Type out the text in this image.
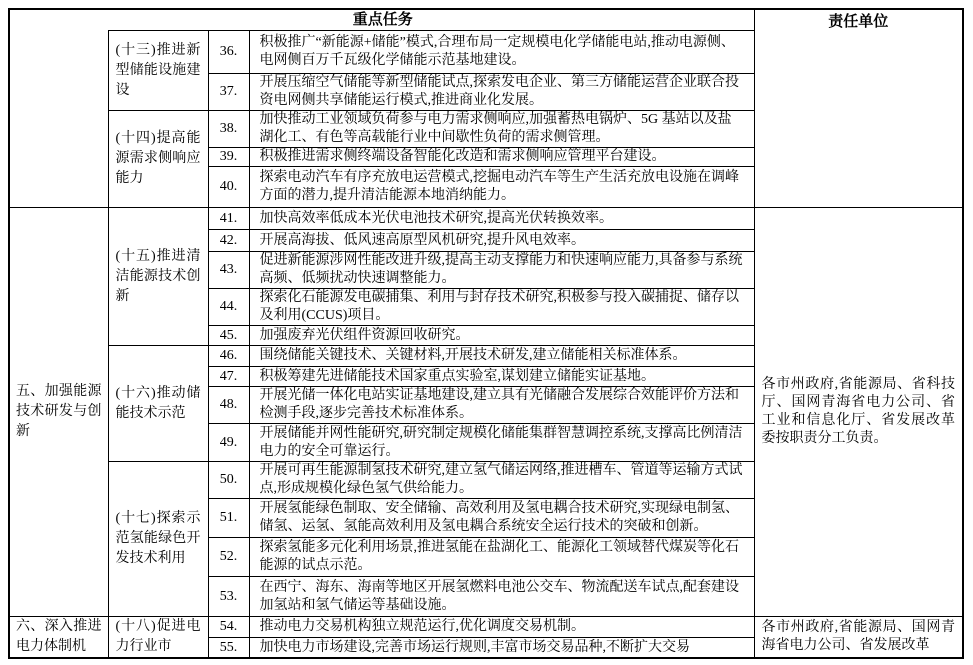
	重点任务			责任单位
	(十三)推进新型储能设施建设	36.	积极推广“新能源+储能”模式,合理布局一定规模电化学储能电站,推动电源侧、电网侧百万千瓦级化学储能示范基地建设。	
		37.	开展压缩空气储能等新型储能试点,探索发电企业、第三方储能运营企业联合投资电网侧共享储能运行模式,推进商业化发展。	
	(十四)提高能源需求侧响应能力	38.	加快推动工业领域负荷参与电力需求侧响应,加强蓄热电锅炉、5G 基站以及盐湖化工、有色等高载能行业中间歇性负荷的需求侧管理。	
		39.	积极推进需求侧终端设备智能化改造和需求侧响应管理平台建设。	
		40.	探索电动汽车有序充放电运营模式,挖掘电动汽车等生产生活充放电设施在调峰方面的潜力,提升清洁能源本地消纳能力。	
五、加强能源技术研发与创新	(十五)推进清洁能源技术创新	41.	加快高效率低成本光伏电池技术研究,提高光伏转换效率。	各市州政府,省能源局、省科技厅、国网青海省电力公司、省工业和信息化厅、省发展改革委按职责分工负责。
		42.	开展高海拔、低风速高原型风机研究,提升风电效率。	
		43.	促进新能源涉网性能改进升级,提高主动支撑能力和快速响应能力,具备参与系统高频、低频扰动快速调整能力。	
		44.	探索化石能源发电碳捕集、利用与封存技术研究,积极参与投入碳捕捉、储存以及利用(CCUS)项目。	
		45.	加强废弃光伏组件资源回收研究。	
	(十六)推动储能技术示范	46.	围绕储能关键技术、关键材料,开展技术研发,建立储能相关标准体系。	
		47.	积极筹建先进储能技术国家重点实验室,谋划建立储能实证基地。	
		48.	开展光储一体化电站实证基地建设,建立具有光储融合发展综合效能评价方法和检测手段,逐步完善技术标准体系。	
		49.	开展储能并网性能研究,研究制定规模化储能集群智慧调控系统,支撑高比例清洁电力的安全可靠运行。	
	(十七)探索示范氢能绿色开发技术利用	50.	开展可再生能源制氢技术研究,建立氢气储运网络,推进槽车、管道等运输方式试点,形成规模化绿色氢气供给能力。	
		51.	开展氢能绿色制取、安全储输、高效利用及氢电耦合技术研究,实现绿电制氢、储氢、运氢、氢能高效利用及氢电耦合系统安全运行技术的突破和创新。	
		52.	探索氢能多元化利用场景,推进氢能在盐湖化工、能源化工领域替代煤炭等化石能源的试点示范。	
		53.	在西宁、海东、海南等地区开展氢燃料电池公交车、物流配送车试点,配套建设加氢站和氢气储运等基础设施。	
六、深入推进电力体制机	(十八)促进电力行业市	54.	推动电力交易机构独立规范运行,优化调度交易机制。	各市州政府,省能源局、国网青海省电力公司、省发展改革
		55.	加快电力市场建设,完善市场运行规则,丰富市场交易品种,不断扩大交易	
